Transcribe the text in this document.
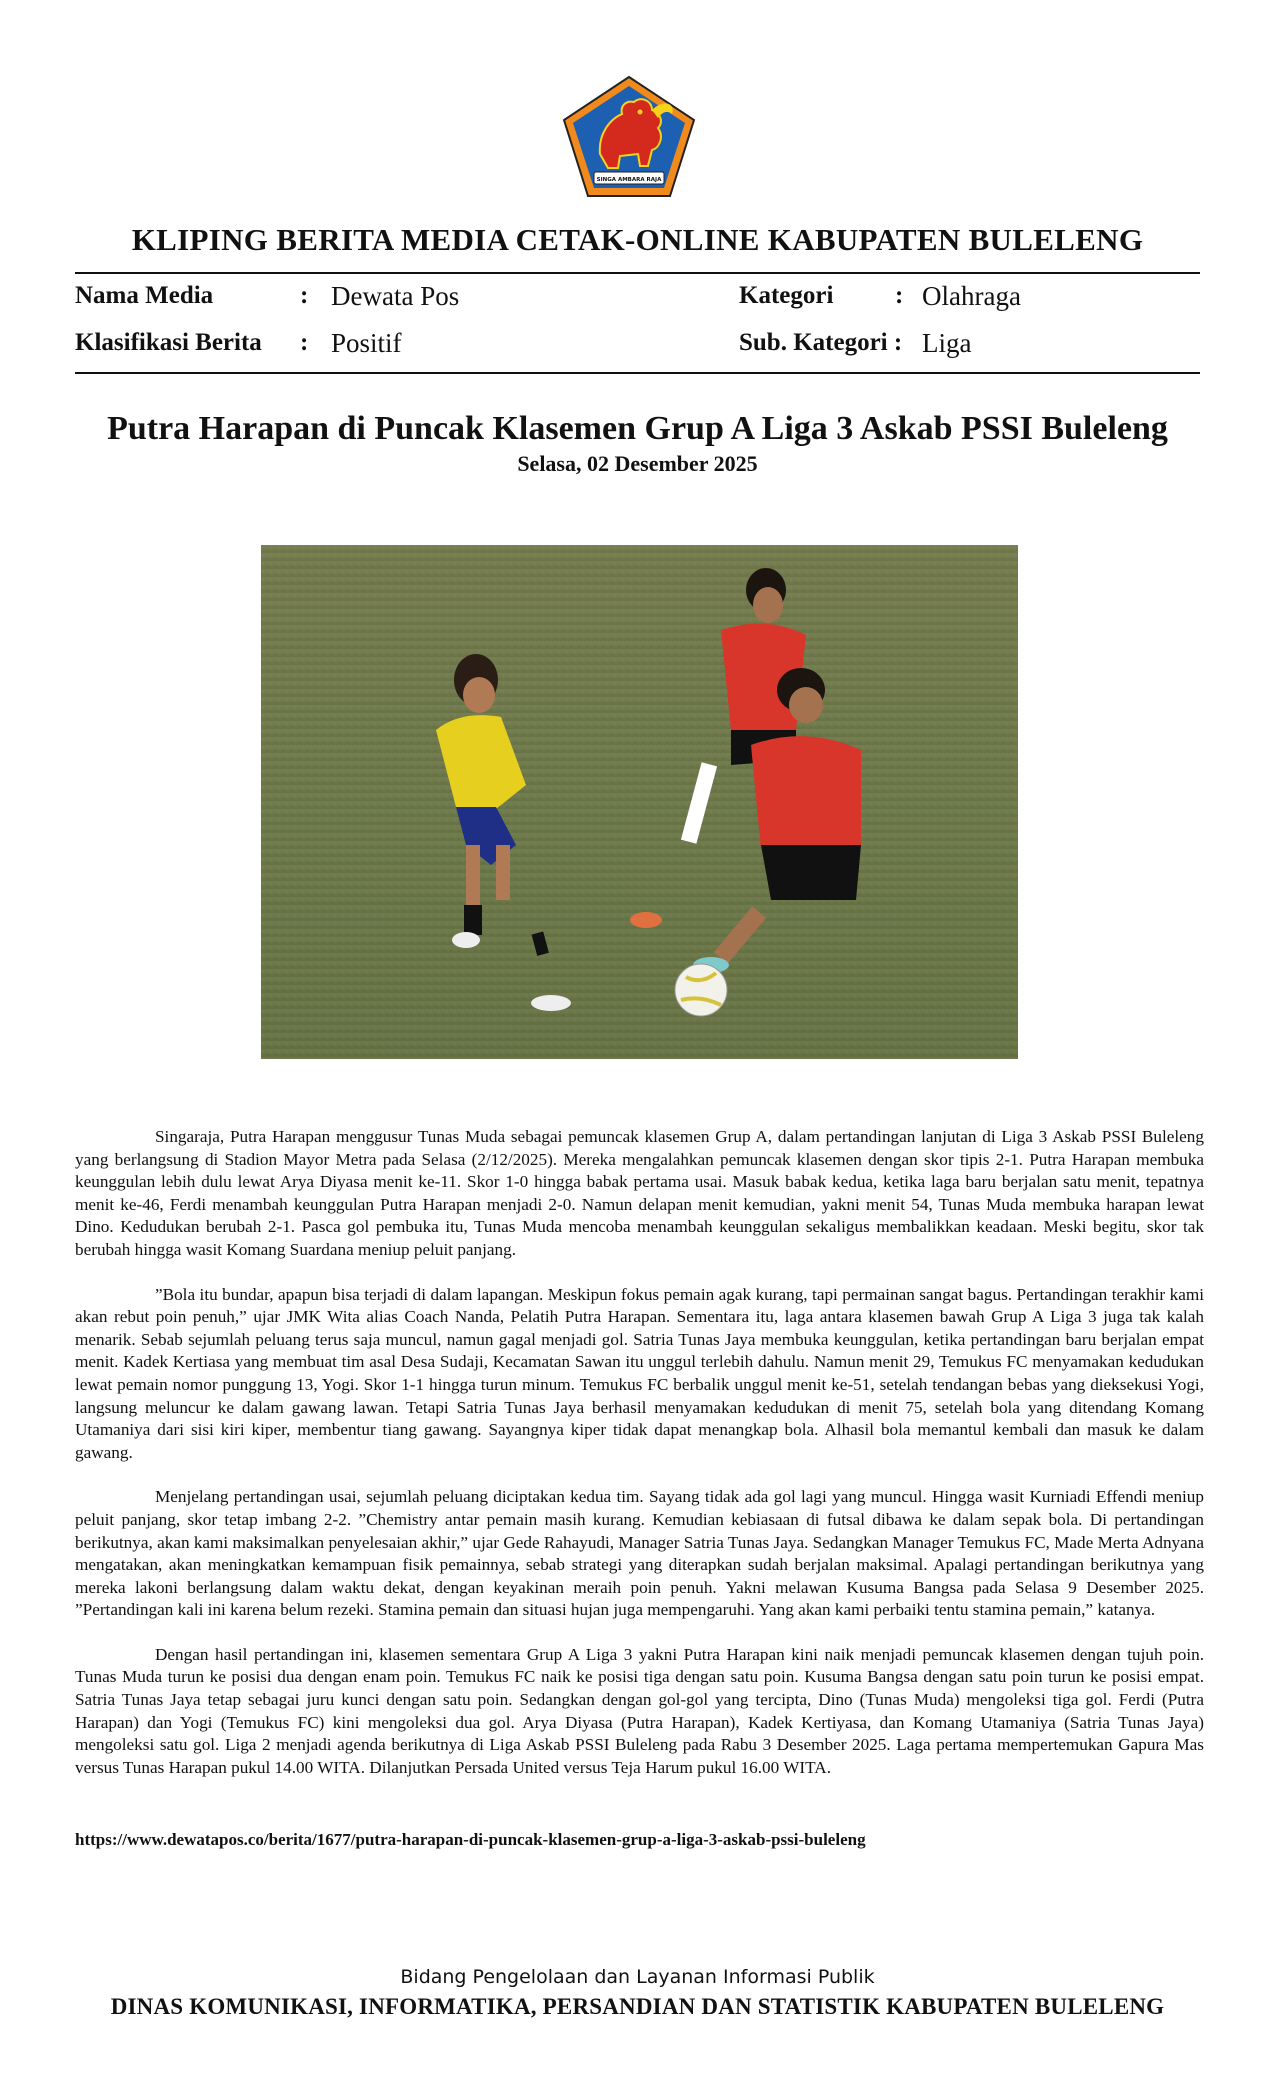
SINGA AMBARA RAJA
KLIPING BERITA MEDIA CETAK-ONLINE KABUPATEN BULELENG
Nama Media	: Dewata Pos	Kategori : Olahraga
Klasifikasi Berita : Positif	Sub. Kategori : Liga
Putra Harapan di Puncak Klasemen Grup A Liga 3 Askab PSSI Buleleng
Selasa, 02 Desember 2025

Singaraja, Putra Harapan menggusur Tunas Muda sebagai pemuncak klasemen Grup A, dalam pertandingan lanjutan di Liga 3 Askab PSSI Buleleng yang berlangsung di Stadion Mayor Metra pada Selasa (2/12/2025). Mereka mengalahkan pemuncak klasemen dengan skor tipis 2-1. Putra Harapan membuka keunggulan lebih dulu lewat Arya Diyasa menit ke-11. Skor 1-0 hingga babak pertama usai. Masuk babak kedua, ketika laga baru berjalan satu menit, tepatnya menit ke-46, Ferdi menambah keunggulan Putra Harapan menjadi 2-0. Namun delapan menit kemudian, yakni menit 54, Tunas Muda membuka harapan lewat Dino. Kedudukan berubah 2-1. Pasca gol pembuka itu, Tunas Muda mencoba menambah keunggulan sekaligus membalikkan keadaan. Meski begitu, skor tak berubah hingga wasit Komang Suardana meniup peluit panjang.

”Bola itu bundar, apapun bisa terjadi di dalam lapangan. Meskipun fokus pemain agak kurang, tapi permainan sangat bagus. Pertandingan terakhir kami akan rebut poin penuh,” ujar JMK Wita alias Coach Nanda, Pelatih Putra Harapan. Sementara itu, laga antara klasemen bawah Grup A Liga 3 juga tak kalah menarik. Sebab sejumlah peluang terus saja muncul, namun gagal menjadi gol. Satria Tunas Jaya membuka keunggulan, ketika pertandingan baru berjalan empat menit. Kadek Kertiasa yang membuat tim asal Desa Sudaji, Kecamatan Sawan itu unggul terlebih dahulu. Namun menit 29, Temukus FC menyamakan kedudukan lewat pemain nomor punggung 13, Yogi. Skor 1-1 hingga turun minum. Temukus FC berbalik unggul menit ke-51, setelah tendangan bebas yang dieksekusi Yogi, langsung meluncur ke dalam gawang lawan. Tetapi Satria Tunas Jaya berhasil menyamakan kedudukan di menit 75, setelah bola yang ditendang Komang Utamaniya dari sisi kiri kiper, membentur tiang gawang. Sayangnya kiper tidak dapat menangkap bola. Alhasil bola memantul kembali dan masuk ke dalam gawang.

Menjelang pertandingan usai, sejumlah peluang diciptakan kedua tim. Sayang tidak ada gol lagi yang muncul. Hingga wasit Kurniadi Effendi meniup peluit panjang, skor tetap imbang 2-2. ”Chemistry antar pemain masih kurang. Kemudian kebiasaan di futsal dibawa ke dalam sepak bola. Di pertandingan berikutnya, akan kami maksimalkan penyelesaian akhir,” ujar Gede Rahayudi, Manager Satria Tunas Jaya. Sedangkan Manager Temukus FC, Made Merta Adnyana mengatakan, akan meningkatkan kemampuan fisik pemainnya, sebab strategi yang diterapkan sudah berjalan maksimal. Apalagi pertandingan berikutnya yang mereka lakoni berlangsung dalam waktu dekat, dengan keyakinan meraih poin penuh. Yakni melawan Kusuma Bangsa pada Selasa 9 Desember 2025. ”Pertandingan kali ini karena belum rezeki. Stamina pemain dan situasi hujan juga mempengaruhi. Yang akan kami perbaiki tentu stamina pemain,” katanya.

Dengan hasil pertandingan ini, klasemen sementara Grup A Liga 3 yakni Putra Harapan kini naik menjadi pemuncak klasemen dengan tujuh poin. Tunas Muda turun ke posisi dua dengan enam poin. Temukus FC naik ke posisi tiga dengan satu poin. Kusuma Bangsa dengan satu poin turun ke posisi empat. Satria Tunas Jaya tetap sebagai juru kunci dengan satu poin. Sedangkan dengan gol-gol yang tercipta, Dino (Tunas Muda) mengoleksi tiga gol. Ferdi (Putra Harapan) dan Yogi (Temukus FC) kini mengoleksi dua gol. Arya Diyasa (Putra Harapan), Kadek Kertiyasa, dan Komang Utamaniya (Satria Tunas Jaya) mengoleksi satu gol. Liga 2 menjadi agenda berikutnya di Liga Askab PSSI Buleleng pada Rabu 3 Desember 2025. Laga pertama mempertemukan Gapura Mas versus Tunas Harapan pukul 14.00 WITA. Dilanjutkan Persada United versus Teja Harum pukul 16.00 WITA.

https://www.dewatapos.co/berita/1677/putra-harapan-di-puncak-klasemen-grup-a-liga-3-askab-pssi-buleleng
Bidang Pengelolaan dan Layanan Informasi Publik
DINAS KOMUNIKASI, INFORMATIKA, PERSANDIAN DAN STATISTIK KABUPATEN BULELENG
